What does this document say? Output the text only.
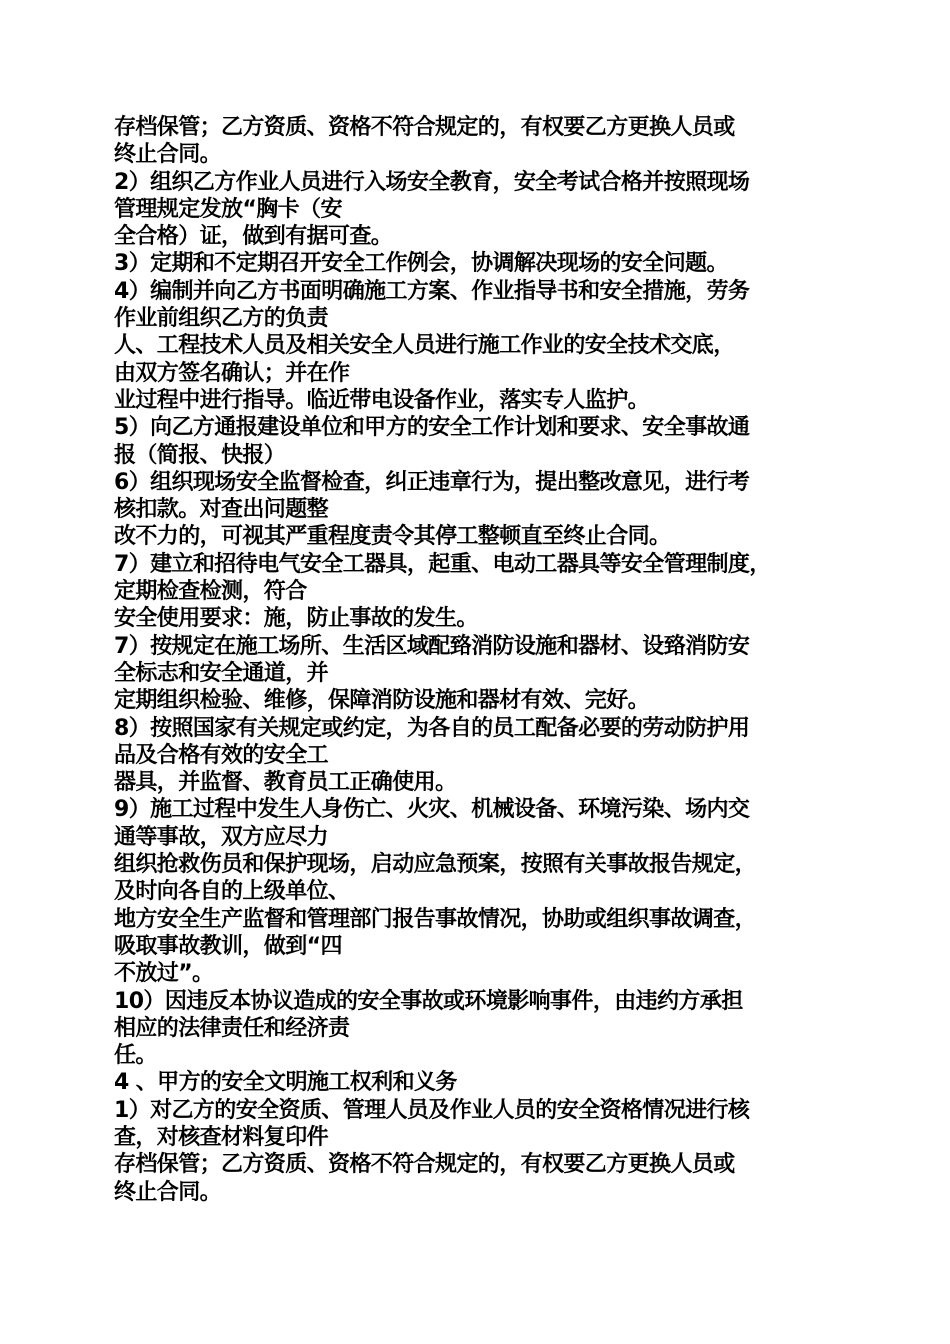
存档保管；乙方资质、资格不符合规定的，有权要乙方更换人员或

终止合同。

2）组织乙方作业人员进行入场安全教育，安全考试合格并按照现场

管理规定发放“胸卡（安

全合格）证，做到有据可查。

3）定期和不定期召开安全工作例会，协调解决现场的安全问题。

4）编制并向乙方书面明确施工方案、作业指导书和安全措施，劳务

作业前组织乙方的负责

人、工程技术人员及相关安全人员进行施工作业的安全技术交底，

由双方签名确认；并在作

业过程中进行指导。临近带电设备作业，落实专人监护。

5）向乙方通报建设单位和甲方的安全工作计划和要求、安全事故通

报（简报、快报）

6）组织现场安全监督检查，纠正违章行为，提出整改意见，进行考

核扣款。对查出问题整

改不力的，可视其严重程度责令其停工整顿直至终止合同。

7）建立和招待电气安全工器具，起重、电动工器具等安全管理制度，

定期检查检测，符合

安全使用要求：施，防止事故的发生。

7）按规定在施工场所、生活区域配臵消防设施和器材、设臵消防安

全标志和安全通道，并

定期组织检验、维修，保障消防设施和器材有效、完好。

8）按照国家有关规定或约定，为各自的员工配备必要的劳动防护用

品及合格有效的安全工

器具，并监督、教育员工正确使用。

9）施工过程中发生人身伤亡、火灾、机械设备、环境污染、场内交

通等事故，双方应尽力

组织抢救伤员和保护现场，启动应急预案，按照有关事故报告规定，

及时向各自的上级单位、

地方安全生产监督和管理部门报告事故情况，协助或组织事故调查，

吸取事故教训，做到“四

不放过”。

10）因违反本协议造成的安全事故或环境影响事件，由违约方承担

相应的法律责任和经济责

任。

4 、甲方的安全文明施工权利和义务

1）对乙方的安全资质、管理人员及作业人员的安全资格情况进行核

查，对核查材料复印件

存档保管；乙方资质、资格不符合规定的，有权要乙方更换人员或

终止合同。
